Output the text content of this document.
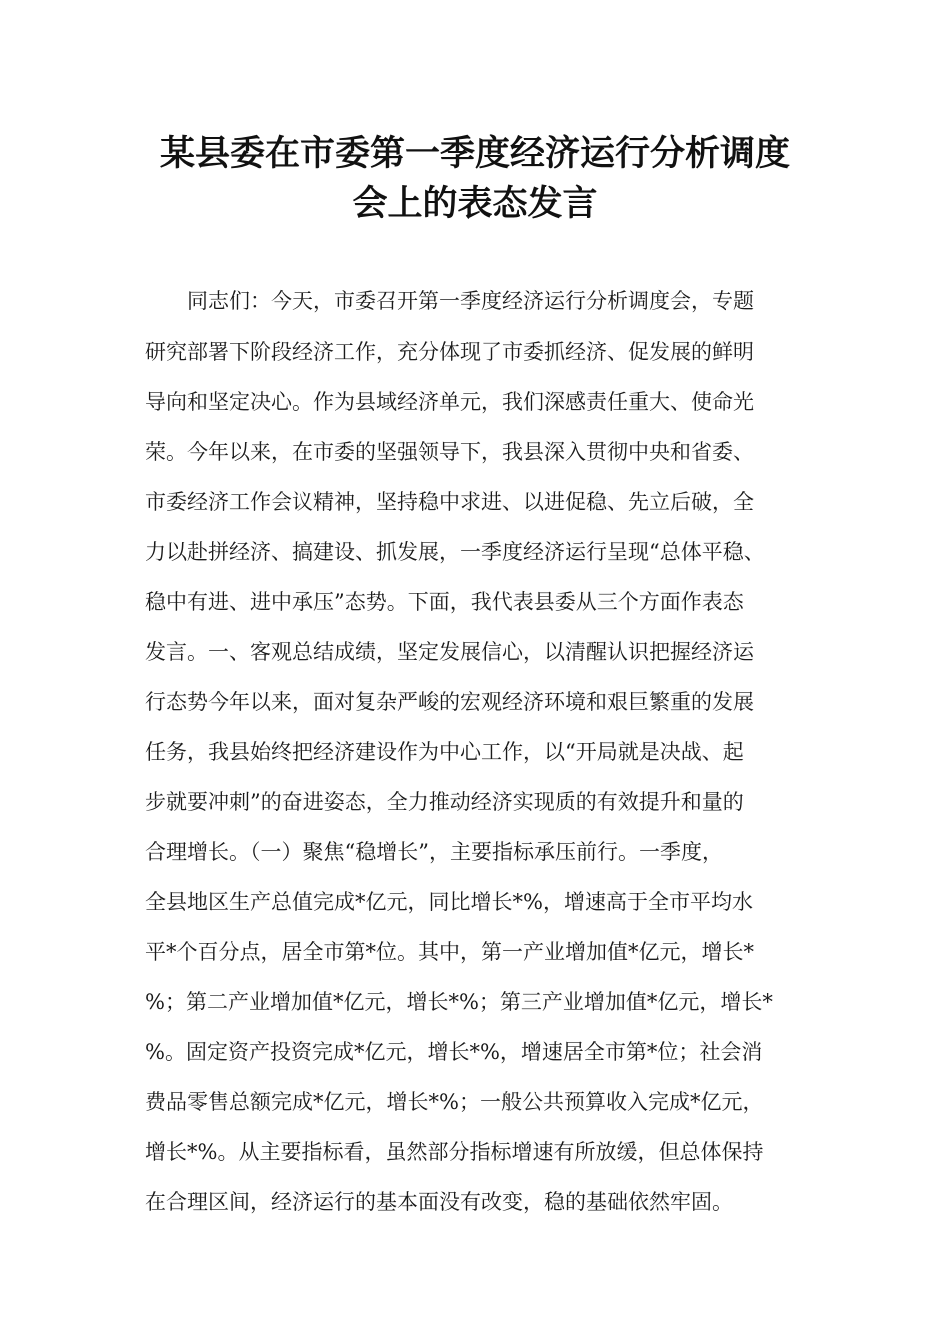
某县委在市委第一季度经济运行分析调度
会上的表态发言
　　同志们：今天，市委召开第一季度经济运行分析调度会，专题
研究部署下阶段经济工作，充分体现了市委抓经济、促发展的鲜明
导向和坚定决心。作为县域经济单元，我们深感责任重大、使命光
荣。今年以来，在市委的坚强领导下，我县深入贯彻中央和省委、
市委经济工作会议精神，坚持稳中求进、以进促稳、先立后破，全
力以赴拼经济、搞建设、抓发展，一季度经济运行呈现“总体平稳、
稳中有进、进中承压”态势。下面，我代表县委从三个方面作表态
发言。一、客观总结成绩，坚定发展信心，以清醒认识把握经济运
行态势今年以来，面对复杂严峻的宏观经济环境和艰巨繁重的发展
任务，我县始终把经济建设作为中心工作，以“开局就是决战、起
步就要冲刺”的奋进姿态，全力推动经济实现质的有效提升和量的
合理增长。（一）聚焦“稳增长”，主要指标承压前行。一季度，
全县地区生产总值完成*亿元，同比增长*%，增速高于全市平均水
平*个百分点，居全市第*位。其中，第一产业增加值*亿元，增长*
%；第二产业增加值*亿元，增长*%；第三产业增加值*亿元，增长*
%。固定资产投资完成*亿元，增长*%，增速居全市第*位；社会消
费品零售总额完成*亿元，增长*%；一般公共预算收入完成*亿元，
增长*%。从主要指标看，虽然部分指标增速有所放缓，但总体保持
在合理区间，经济运行的基本面没有改变，稳的基础依然牢固。
